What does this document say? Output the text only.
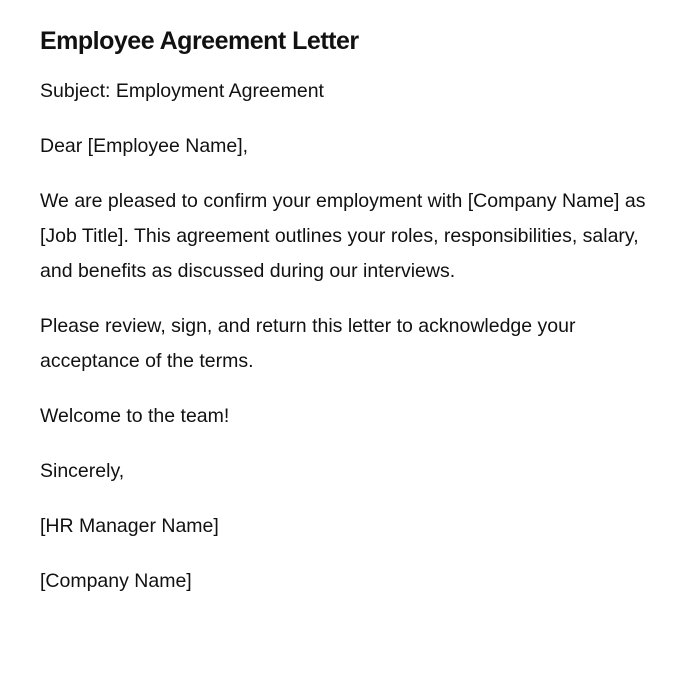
Employee Agreement Letter

Subject: Employment Agreement

Dear [Employee Name],

We are pleased to confirm your employment with [Company Name] as [Job Title]. This agreement outlines your roles, responsibilities, salary, and benefits as discussed during our interviews.

Please review, sign, and return this letter to acknowledge your acceptance of the terms.

Welcome to the team!

Sincerely,

[HR Manager Name]

[Company Name]
